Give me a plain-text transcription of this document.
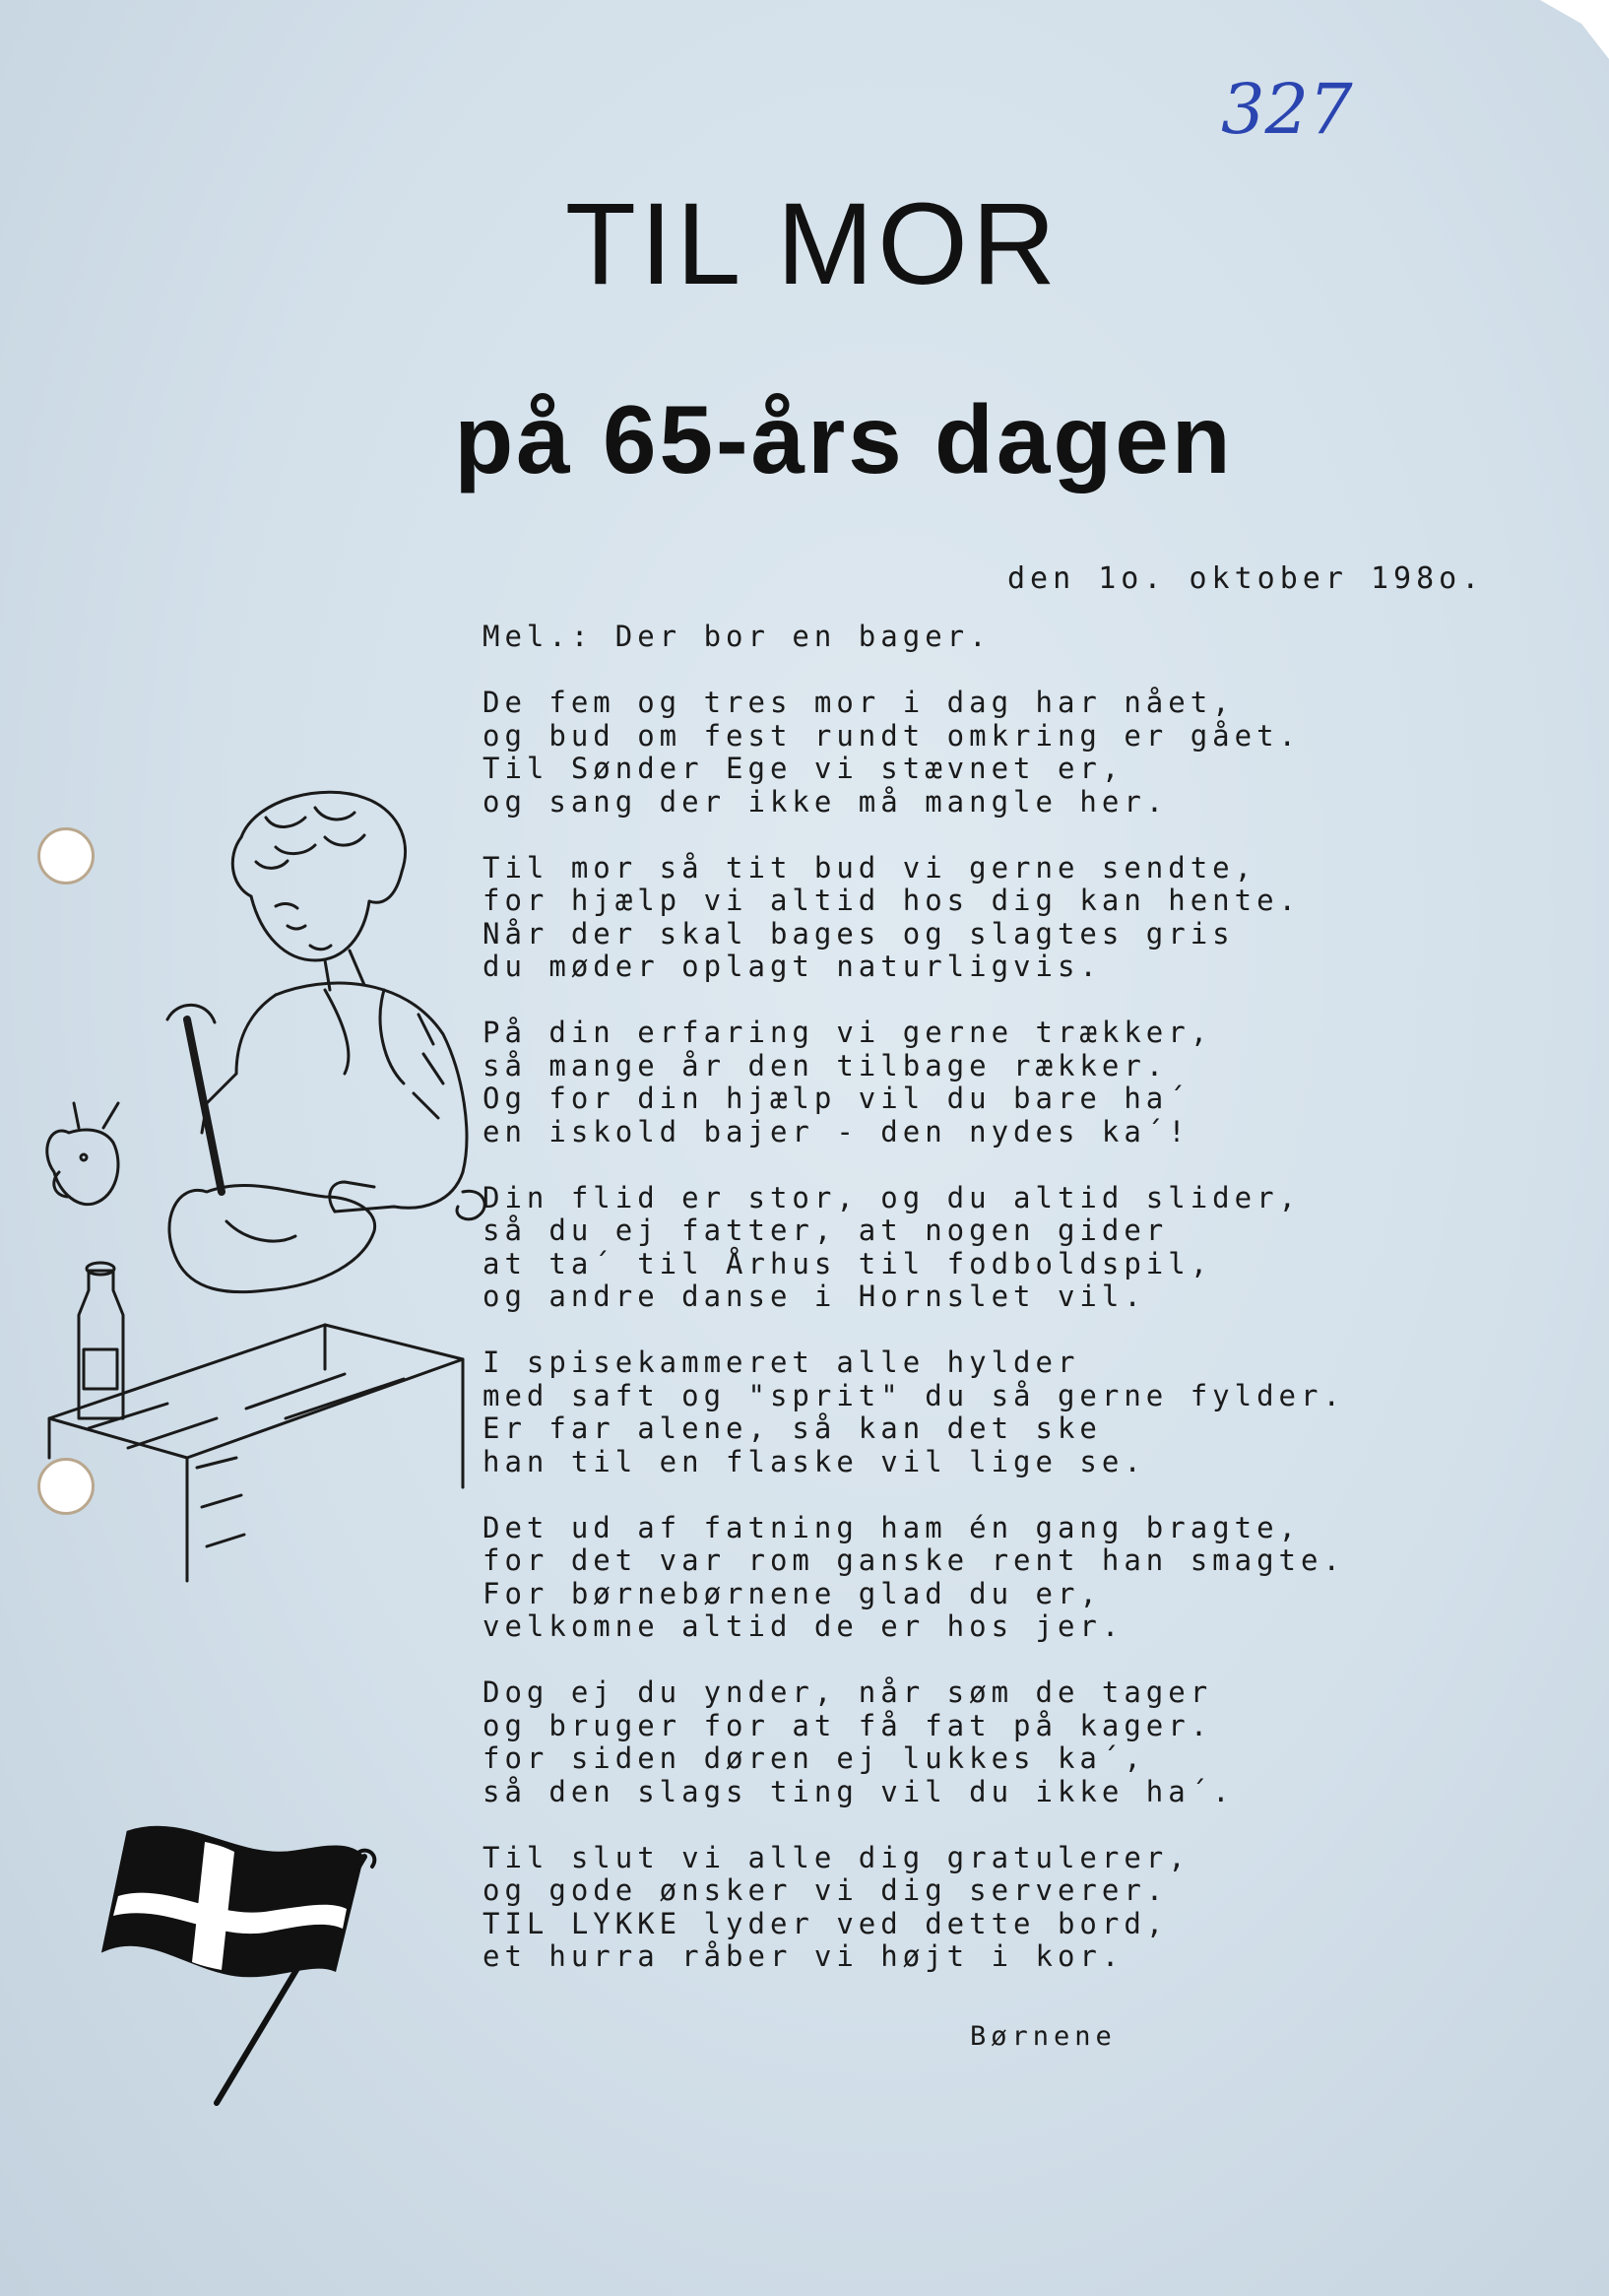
327
TIL MOR
på 65-års dagen
den 1o. oktober 198o.
Mel.: Der bor en bager.
De fem og tres mor i dag har nået,
og bud om fest rundt omkring er gået.
Til Sønder Ege vi stævnet er,
og sang der ikke må mangle her.
Til mor så tit bud vi gerne sendte,
for hjælp vi altid hos dig kan hente.
Når der skal bages og slagtes gris
du møder oplagt naturligvis.
På din erfaring vi gerne trækker,
så mange år den tilbage rækker.
Og for din hjælp vil du bare ha´
en iskold bajer - den nydes ka´!
Din flid er stor, og du altid slider,
så du ej fatter, at nogen gider
at ta´ til Århus til fodboldspil,
og andre danse i Hornslet vil.
I spisekammeret alle hylder
med saft og "sprit" du så gerne fylder.
Er far alene, så kan det ske
han til en flaske vil lige se.
Det ud af fatning ham én gang bragte,
for det var rom ganske rent han smagte.
For børnebørnene glad du er,
velkomne altid de er hos jer.
Dog ej du ynder, når søm de tager
og bruger for at få fat på kager.
for siden døren ej lukkes ka´,
så den slags ting vil du ikke ha´.
Til slut vi alle dig gratulerer,
og gode ønsker vi dig serverer.
TIL LYKKE lyder ved dette bord,
et hurra råber vi højt i kor.
Børnene
